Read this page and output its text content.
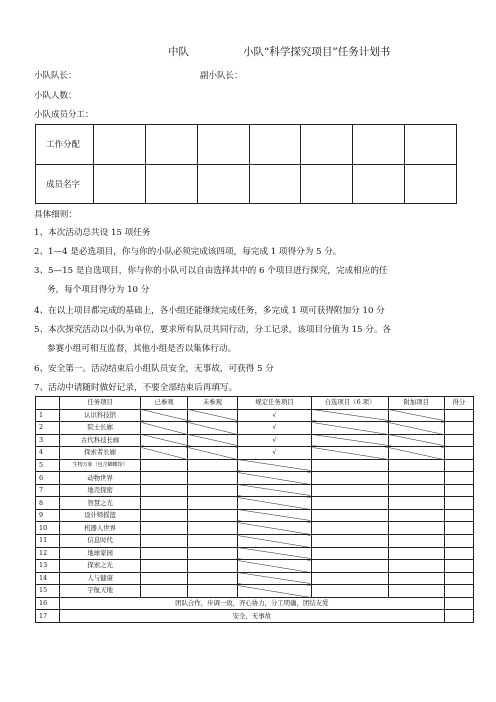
中队	小队“科学探究项目”任务计划书
小队队长：	副小队长：
小队人数：
小队成员分工：
工作分配							
成员名字							
具体细则：
1、本次活动总共设 15 项任务
2、1—4 是必选项目，你与你的小队必须完成该四项，每完成 1 项得分为 5 分。
3、5—15 是自选项目，你与你的小队可以自由选择其中的 6 个项目进行探究，完成相应的任
务，每个项目得分为 10 分
4、在以上项目都完成的基础上，各小组还能继续完成任务，多完成 1 项可获得附加分 10 分
5、本次探究活动以小队为单位，要求所有队员共同行动，分工记录，该项目分值为 15 分。各
参赛小组可相互监督，其他小组是否以集体行动。
6、安全第一。活动结束后小组队员安全，无事故，可获得 5 分
7、活动中请随时做好记录，不要全部结束后再填写。
	任务项目	已参观	未参观	规定任务项目	自选项目（6 项）	附加项目	得分
1	认识科技馆			√			
2	院士长廊			√			
3	古代科技长廊			√			
4	探索者长廊			√			
5	生物万象（包含蝴蝶馆）						
6	动物世界						
7	地壳探密						
8	智慧之光						
9	设计师摇篮						
10	机器人世界						
11	信息时代						
12	地球家园						
13	探索之光						
14	人与健康						
15	宇航天地						
16	团队合作，步调一致，齐心协力，分工明确，团结友爱						
17	安全，无事故						
